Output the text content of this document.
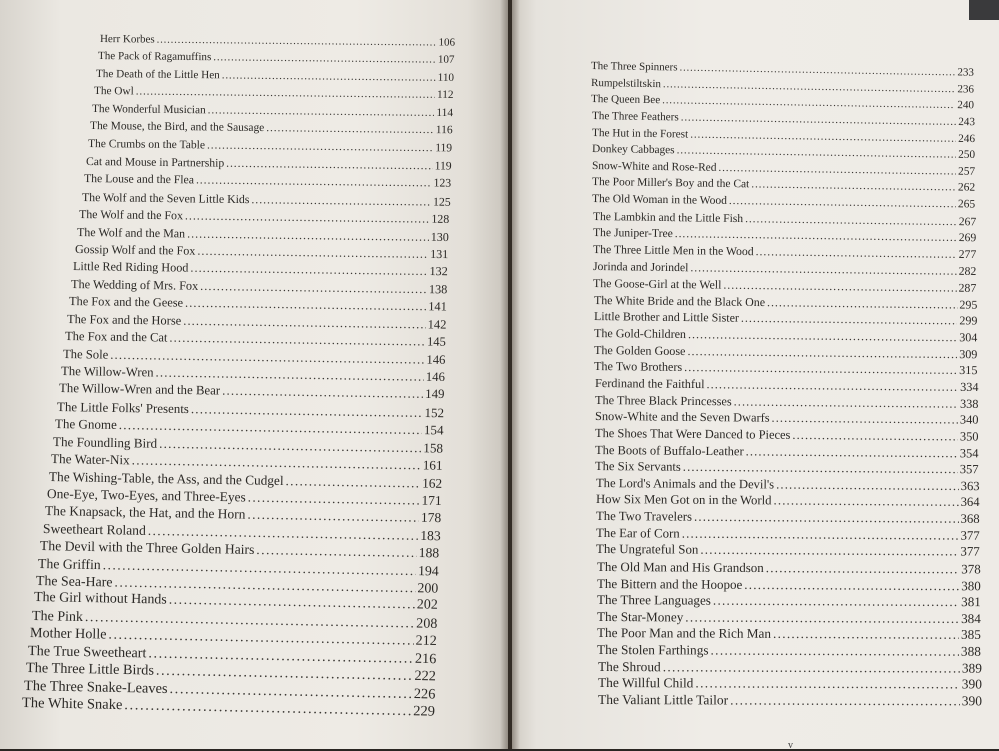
Herr Korbes . . .	106
The Pack of Ragamuffins . . .	107
The Death of the Little Hen . . .	110
The Owl . . .	112
The Wonderful Musician . . .	114
The Mouse, the Bird, and the Sausage . . .	116
The Crumbs on the Table . . .	119
Cat and Mouse in Partnership . . .	119
The Louse and the Flea . . .	123
The Wolf and the Seven Little Kids . . .	125
The Wolf and the Fox . . .	128
The Wolf and the Man . . .	130
Gossip Wolf and the Fox . . .	131
Little Red Riding Hood . . .	132
The Wedding of Mrs. Fox . . .	138
The Fox and the Geese . . .	141
The Fox and the Horse . . .	142
The Fox and the Cat . . .	145
The Sole . . .	146
The Willow-Wren . . .	146
The Willow-Wren and the Bear . . .	149
The Little Folks' Presents . . .	152
The Gnome . . .	154
The Foundling Bird . . .	158
The Water-Nix . . .	161
The Wishing-Table, the Ass, and the Cudgel . . .	162
One-Eye, Two-Eyes, and Three-Eyes . . .	171
The Knapsack, the Hat, and the Horn . . .	178
Sweetheart Roland . . .	183
The Devil with the Three Golden Hairs . . .	188
The Griffin . . .	194
The Sea-Hare . . .	200
The Girl without Hands . . .	202
The Pink . . .	208
Mother Holle . . .	212
The True Sweetheart . . .	216
The Three Little Birds . . .	222
The Three Snake-Leaves . . .	226
The White Snake . . .	229
The Three Spinners . . .	233
Rumpelstiltskin . . .	236
The Queen Bee . . .	240
The Three Feathers . . .	243
The Hut in the Forest . . .	246
Donkey Cabbages . . .	250
Snow-White and Rose-Red . . .	257
The Poor Miller's Boy and the Cat . . .	262
The Old Woman in the Wood . . .	265
The Lambkin and the Little Fish . . .	267
The Juniper-Tree . . .	269
The Three Little Men in the Wood . . .	277
Jorinda and Jorindel . . .	282
The Goose-Girl at the Well . . .	287
The White Bride and the Black One . . .	295
Little Brother and Little Sister . . .	299
The Gold-Children . . .	304
The Golden Goose . . .	309
The Two Brothers . . .	315
Ferdinand the Faithful . . .	334
The Three Black Princesses . . .	338
Snow-White and the Seven Dwarfs . . .	340
The Shoes That Were Danced to Pieces . . .	350
The Boots of Buffalo-Leather . . .	354
The Six Servants . . .	357
The Lord's Animals and the Devil's . . .	363
How Six Men Got on in the World . . .	364
The Two Travelers . . .	368
The Ear of Corn . . .	377
The Ungrateful Son . . .	377
The Old Man and His Grandson . . .	378
The Bittern and the Hoopoe . . .	380
The Three Languages . . .	381
The Star-Money . . .	384
The Poor Man and the Rich Man . . .	385
The Stolen Farthings . . .	388
The Shroud . . .	389
The Willful Child . . .	390
The Valiant Little Tailor . . .	390
v
